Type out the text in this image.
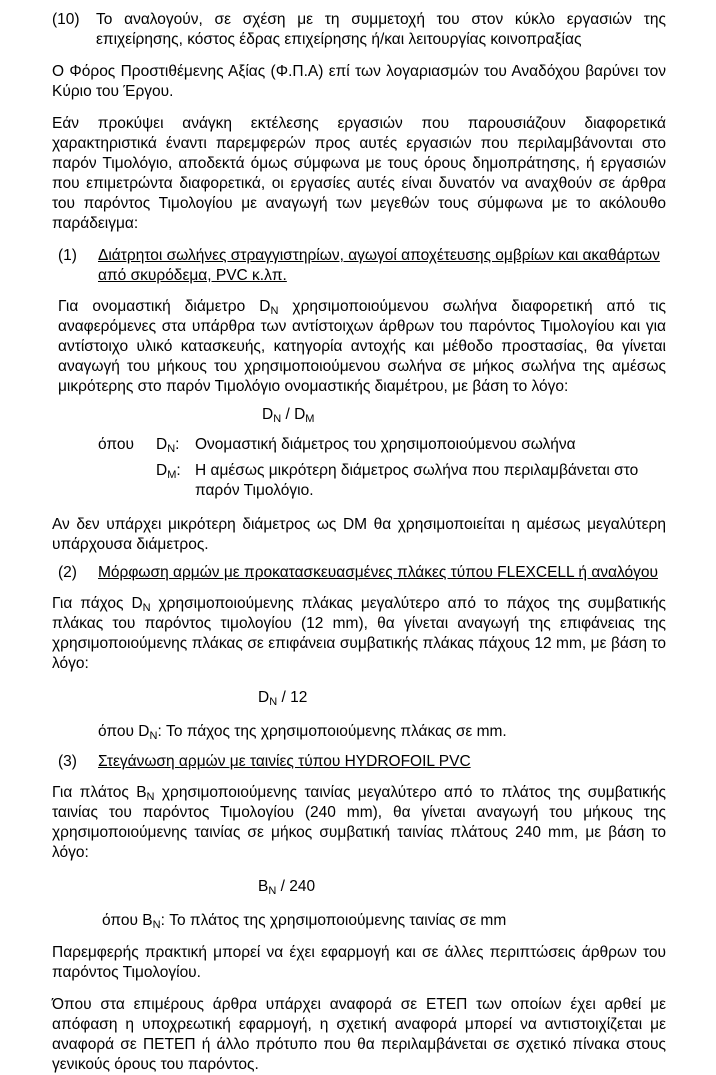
(10)	Το αναλογούν, σε σχέση με τη συμμετοχή του στον κύκλο εργασιών της επιχείρησης, κόστος έδρας επιχείρησης ή/και λειτουργίας κοινοπραξίας

Ο Φόρος Προστιθέμενης Αξίας (Φ.Π.Α) επί των λογαριασμών του Αναδόχου βαρύνει τον Κύριο του Έργου.

Εάν προκύψει ανάγκη εκτέλεσης εργασιών που παρουσιάζουν διαφορετικά χαρακτηριστικά έναντι παρεμφερών προς αυτές εργασιών που περιλαμβάνονται στο παρόν Τιμολόγιο, αποδεκτά όμως σύμφωνα με τους όρους δημοπράτησης, ή εργασιών που επιμετρώντα διαφορετικά, οι εργασίες αυτές είναι δυνατόν να αναχθούν σε άρθρα του παρόντος Τιμολογίου με αναγωγή των μεγεθών τους σύμφωνα με το ακόλουθο παράδειγμα:

(1)	Διάτρητοι σωλήνες στραγγιστηρίων, αγωγοί αποχέτευσης ομβρίων και ακαθάρτων από σκυρόδεμα, PVC κ.λπ.

Για ονομαστική διάμετρο $D_N$ χρησιμοποιούμενου σωλήνα διαφορετική από τις αναφερόμενες στα υπάρθρα των αντίστοιχων άρθρων του παρόντος Τιμολογίου και για αντίστοιχο υλικό κατασκευής, κατηγορία αντοχής και μέθοδο προστασίας, θα γίνεται αναγωγή του μήκους του χρησιμοποιούμενου σωλήνα σε μήκος σωλήνα της αμέσως μικρότερης στο παρόν Τιμολόγιο ονομαστικής διαμέτρου, με βάση το λόγο:

$D_N / D_M$

όπου	$D_N$:	Ονομαστική διάμετρος του χρησιμοποιούμενου σωλήνα
$D_M$: Η αμέσως μικρότερη διάμετρος σωλήνα που περιλαμβάνεται στο παρόν Τιμολόγιο.

Αν δεν υπάρχει μικρότερη διάμετρος ως DM θα χρησιμοποιείται η αμέσως μεγαλύτερη υπάρχουσα διάμετρος.

(2)	Μόρφωση αρμών με προκατασκευασμένες πλάκες τύπου FLEXCELL ή αναλόγου

Για πάχος $D_N$ χρησιμοποιούμενης πλάκας μεγαλύτερο από το πάχος της συμβατικής πλάκας του παρόντος τιμολογίου (12 mm), θα γίνεται αναγωγή της επιφάνειας της χρησιμοποιούμενης πλάκας σε επιφάνεια συμβατικής πλάκας πάχους 12 mm, με βάση το λόγο:

$D_N / 12$

όπου $D_N$: Το πάχος της χρησιμοποιούμενης πλάκας σε mm.

(3)	Στεγάνωση αρμών με ταινίες τύπου HYDROFOIL PVC

Για πλάτος $B_N$ χρησιμοποιούμενης ταινίας μεγαλύτερο από το πλάτος της συμβατικής ταινίας του παρόντος Τιμολογίου (240 mm), θα γίνεται αναγωγή του μήκους της χρησιμοποιούμενης ταινίας σε μήκος συμβατική ταινίας πλάτους 240 mm, με βάση το λόγο:

$B_N / 240$

όπου $B_N$: Το πλάτος της χρησιμοποιούμενης ταινίας σε mm

Παρεμφερής πρακτική μπορεί να έχει εφαρμογή και σε άλλες περιπτώσεις άρθρων του παρόντος Τιμολογίου.

Όπου στα επιμέρους άρθρα υπάρχει αναφορά σε ΕΤΕΠ των οποίων έχει αρθεί με απόφαση η υποχρεωτική εφαρμογή, η σχετική αναφορά μπορεί να αντιστοιχίζεται με αναφορά σε ΠΕΤΕΠ ή άλλο πρότυπο που θα περιλαμβάνεται σε σχετικό πίνακα στους γενικούς όρους του παρόντος.
